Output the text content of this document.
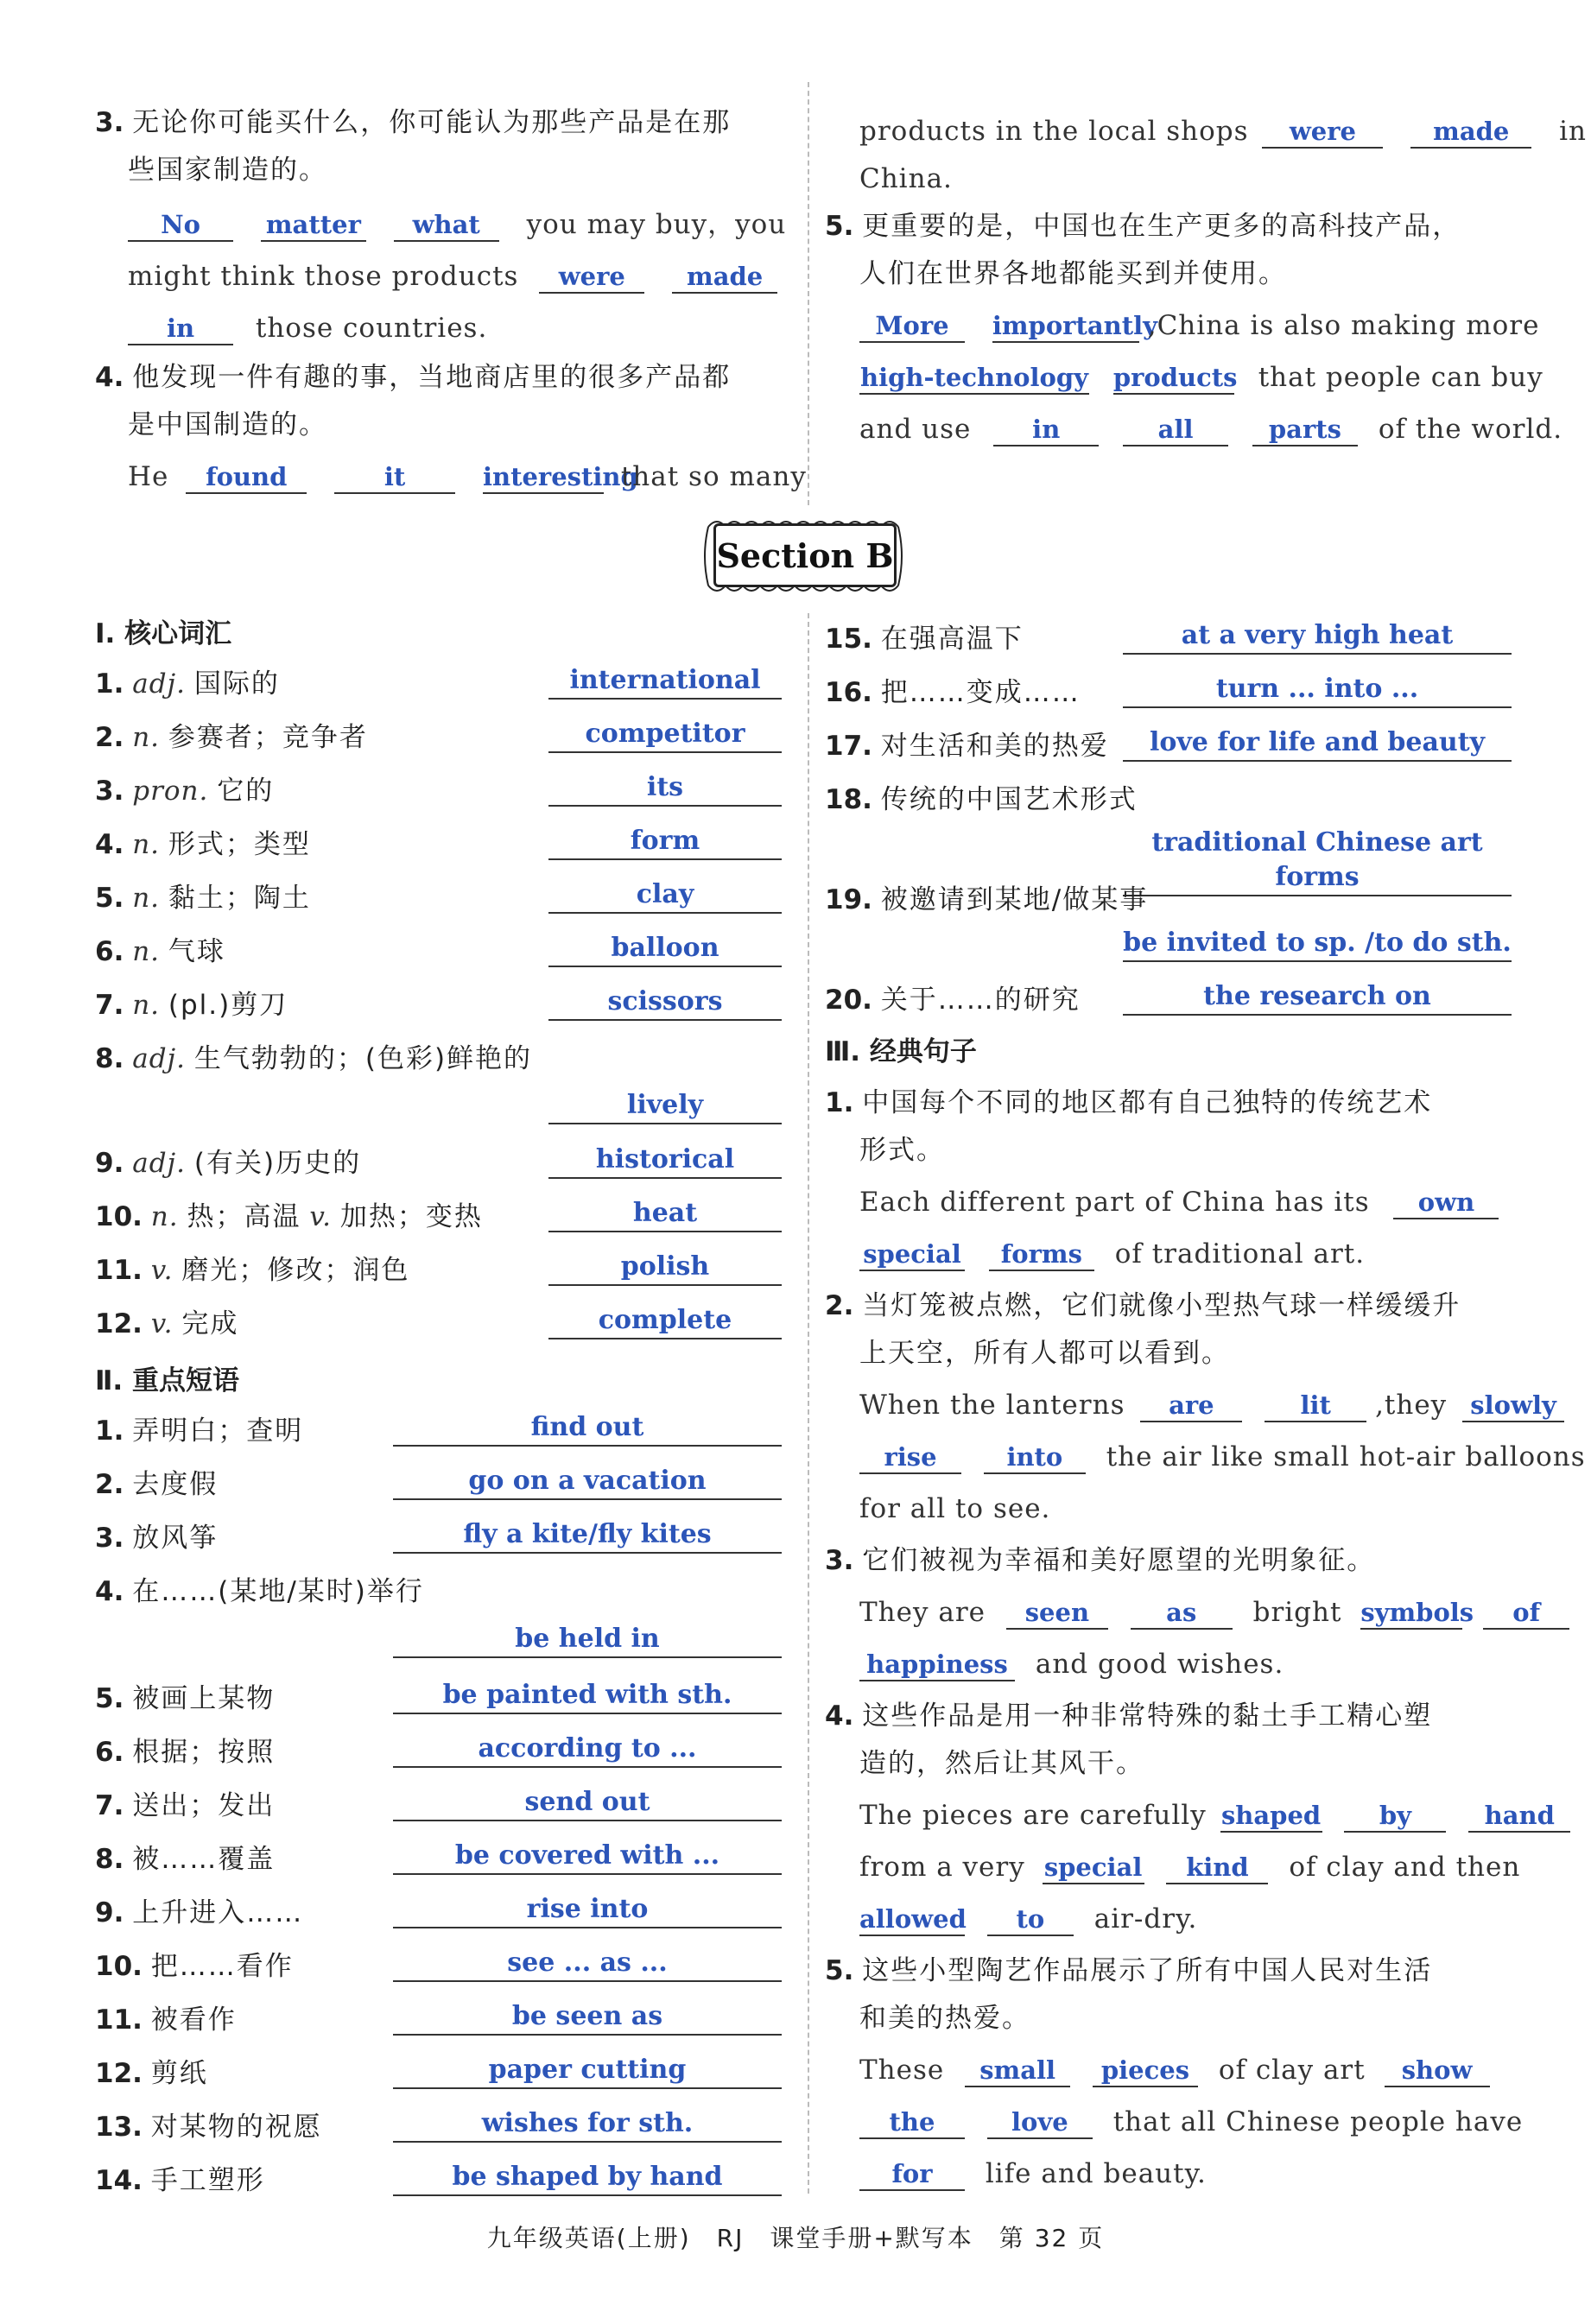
3. 无论你可能买什么，你可能认为那些产品是在那
些国家制造的。
No	matter what you may buy，you
might think those products were made
in those countries.
4. 他发现一件有趣的事，当地商店里的很多产品都
是中国制造的。
He found	it	interesting that so many
products in the local shops were	made in
China.
5. 更重要的是，中国也在生产更多的高科技产品，
人们在世界各地都能买到并使用。
More importantly ,China is also making more
high-technology products that people can buy
and use in	all	parts of the world.
Section B
Ⅰ. 核心词汇
1. adj. 国际的	international
2. n. 参赛者；竞争者	competitor
3. pron. 它的	its
4. n. 形式；类型	form
5. n. 黏土；陶土	clay
6. n. 气球	balloon
7. n. (pl.)剪刀	scissors
8. adj. 生气勃勃的；(色彩)鲜艳的
lively
9. adj. (有关)历史的	historical
10. n. 热；高温 v. 加热；变热	heat
11. v. 磨光；修改；润色	polish
12. v. 完成	complete
Ⅱ. 重点短语
1. 弄明白；查明	find out
2. 去度假	go on a vacation
3. 放风筝	fly a kite/fly kites
4. 在……(某地/某时)举行
be held in
5. 被画上某物	be painted with sth.
6. 根据；按照	according to ...
7. 送出；发出	send out
8. 被……覆盖	be covered with ...
9. 上升进入……	rise into
10. 把……看作	see ... as ...
11. 被看作	be seen as
12. 剪纸	paper cutting
13. 对某物的祝愿	wishes for sth.
14. 手工塑形	be shaped by hand
15. 在强高温下	at a very high heat
16. 把……变成……	turn ... into ...
17. 对生活和美的热爱	love for life and beauty
18. 传统的中国艺术形式
traditional Chinese art forms
19. 被邀请到某地/做某事
be invited to sp. /to do sth.
20. 关于……的研究	the research on
Ⅲ. 经典句子
1. 中国每个不同的地区都有自己独特的传统艺术
形式。
Each different part of China has its own
special forms of traditional art.
2. 当灯笼被点燃，它们就像小型热气球一样缓缓升
上天空，所有人都可以看到。
When the lanterns are	lit ,they slowly
rise	into the air like small hot-air balloons
for all to see.
3. 它们被视为幸福和美好愿望的光明象征。
They are seen	as bright symbols of
happiness and good wishes.
4. 这些作品是用一种非常特殊的黏土手工精心塑
造的，然后让其风干。
The pieces are carefully shaped by	hand
from a very special kind of clay and then
allowed to air-dry.
5. 这些小型陶艺作品展示了所有中国人民对生活
和美的热爱。
These small pieces of clay art show
the	love that all Chinese people have
for life and beauty.
九年级英语(上册)　RJ　课堂手册+默写本　第 32 页
